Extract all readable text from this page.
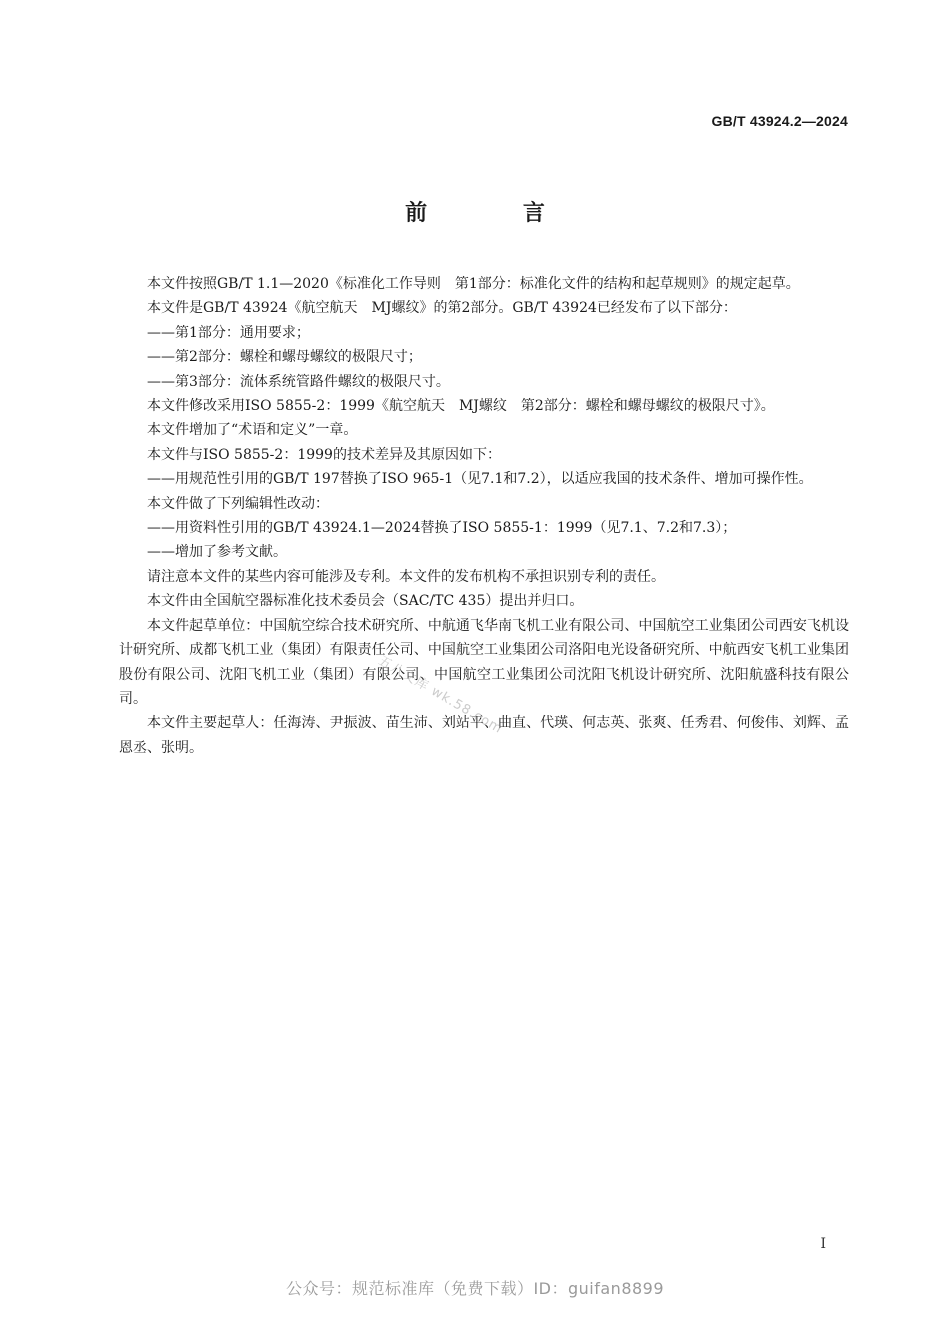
GB/T 43924.2—2024
前 言

本文件按照GB/T 1.1—2020《标准化工作导则　第1部分：标准化文件的结构和起草规则》的规定起草。

本文件是GB/T 43924《航空航天　MJ螺纹》的第2部分。GB/T 43924已经发布了以下部分：

——第1部分：通用要求；

——第2部分：螺栓和螺母螺纹的极限尺寸；

——第3部分：流体系统管路件螺纹的极限尺寸。

本文件修改采用ISO 5855-2：1999《航空航天　MJ螺纹　第2部分：螺栓和螺母螺纹的极限尺寸》。

本文件增加了“术语和定义”一章。

本文件与ISO 5855-2：1999的技术差异及其原因如下：

——用规范性引用的GB/T 197替换了ISO 965-1（见7.1和7.2），以适应我国的技术条件、增加可操作性。

本文件做了下列编辑性改动：

——用资料性引用的GB/T 43924.1—2024替换了ISO 5855-1：1999（见7.1、7.2和7.3）；

——增加了参考文献。

请注意本文件的某些内容可能涉及专利。本文件的发布机构不承担识别专利的责任。

本文件由全国航空器标准化技术委员会（SAC/TC 435）提出并归口。

本文件起草单位：中国航空综合技术研究所、中航通飞华南飞机工业有限公司、中国航空工业集团公司西安飞机设计研究所、成都飞机工业（集团）有限责任公司、中国航空工业集团公司洛阳电光设备研究所、中航西安飞机工业集团股份有限公司、沈阳飞机工业（集团）有限公司、中国航空工业集团公司沈阳飞机设计研究所、沈阳航盛科技有限公司。

本文件主要起草人：任海涛、尹振波、苗生沛、刘站平、曲直、代瑛、何志英、张爽、任秀君、何俊伟、刘辉、孟恩丞、张明。

五八文库 wk.58.com
I
公众号：规范标准库（免费下载）ID：guifan8899
